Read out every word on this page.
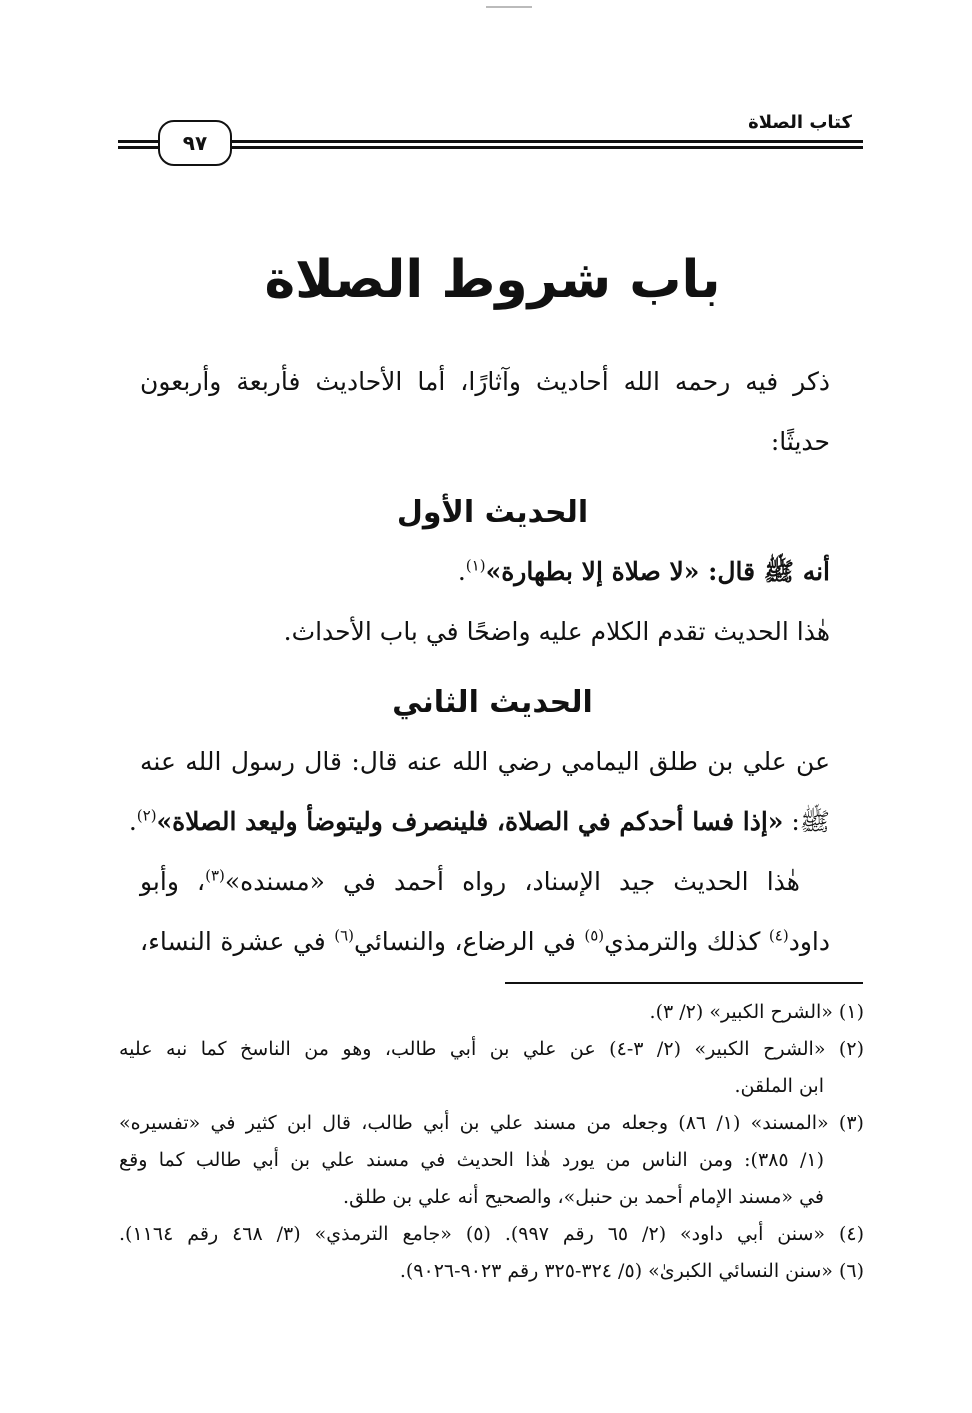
كتاب الصلاة
٩٧
باب شروط الصلاة
ذكر فيه رحمه الله أحاديث وآثارًا، أما الأحاديث فأربعة وأربعون
حديثًا:
الحديث الأول
أنه ﷺ قال: «لا صلاة إلا بطهارة»$^{(١)}$.
هٰذا الحديث تقدم الكلام عليه واضحًا في باب الأحداث.
الحديث الثاني
عن علي بن طلق اليمامي رضي الله عنه قال: قال رسول الله عنه
ﷺ: «إذا فسا أحدكم في الصلاة، فلينصرف وليتوضأ وليعد الصلاة»$^{(٢)}$.
هٰذا الحديث جيد الإسناد، رواه أحمد في «مسنده»$^{(٣)}$، وأبو
داود$^{(٤)}$ كذلك والترمذي$^{(٥)}$ في الرضاع، والنسائي$^{(٦)}$ في عشرة النساء،
(١) «الشرح الكبير» (٢/ ٣).
(٢) «الشرح الكبير» (٢/ ٣-٤) عن علي بن أبي طالب، وهو من الناسخ كما نبه عليه
ابن الملقن.
(٣) «المسند» (١/ ٨٦) وجعله من مسند علي بن أبي طالب، قال ابن كثير في «تفسيره»
(١/ ٣٨٥): ومن الناس من يورد هٰذا الحديث في مسند علي بن أبي طالب كما وقع
في «مسند الإمام أحمد بن حنبل»، والصحيح أنه علي بن طلق.
(٤) «سنن أبي داود» (٢/ ٦٥ رقم ٩٩٧). (٥) «جامع الترمذي» (٣/ ٤٦٨ رقم ١١٦٤).
(٦) «سنن النسائي الكبرىٰ» (٥/ ٣٢٤-٣٢٥ رقم ٩٠٢٣-٩٠٢٦).
